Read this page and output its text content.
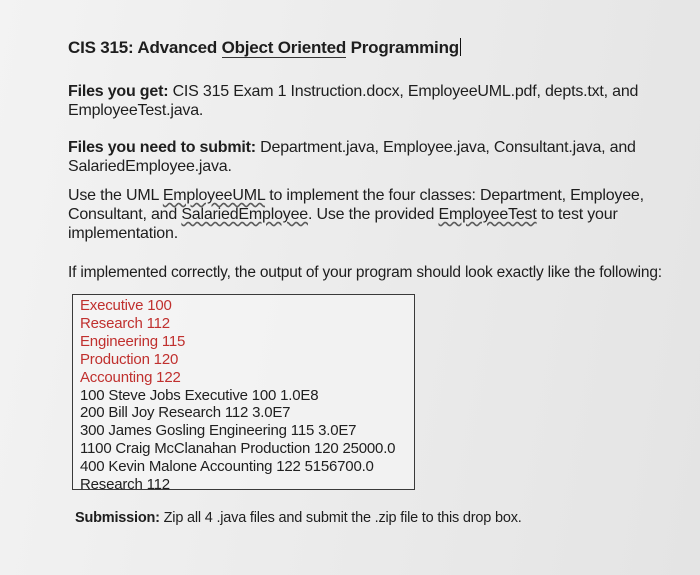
CIS 315: Advanced Object Oriented Programming
Files you get: CIS 315 Exam 1 Instruction.docx, EmployeeUML.pdf, depts.txt, and EmployeeTest.java.
Files you need to submit: Department.java, Employee.java, Consultant.java, and SalariedEmployee.java.
Use the UML EmployeeUML to implement the four classes: Department, Employee, Consultant, and SalariedEmployee. Use the provided EmployeeTest to test your implementation.
If implemented correctly, the output of your program should look exactly like the following:
Executive 100
Research 112
Engineering 115
Production 120
Accounting 122
100 Steve Jobs Executive 100 1.0E8
200 Bill Joy Research 112 3.0E7
300 James Gosling Engineering 115 3.0E7
1100 Craig McClanahan Production 120 25000.0
400 Kevin Malone Accounting 122 5156700.0
Research 112
Submission: Zip all 4 .java files and submit the .zip file to this drop box.
